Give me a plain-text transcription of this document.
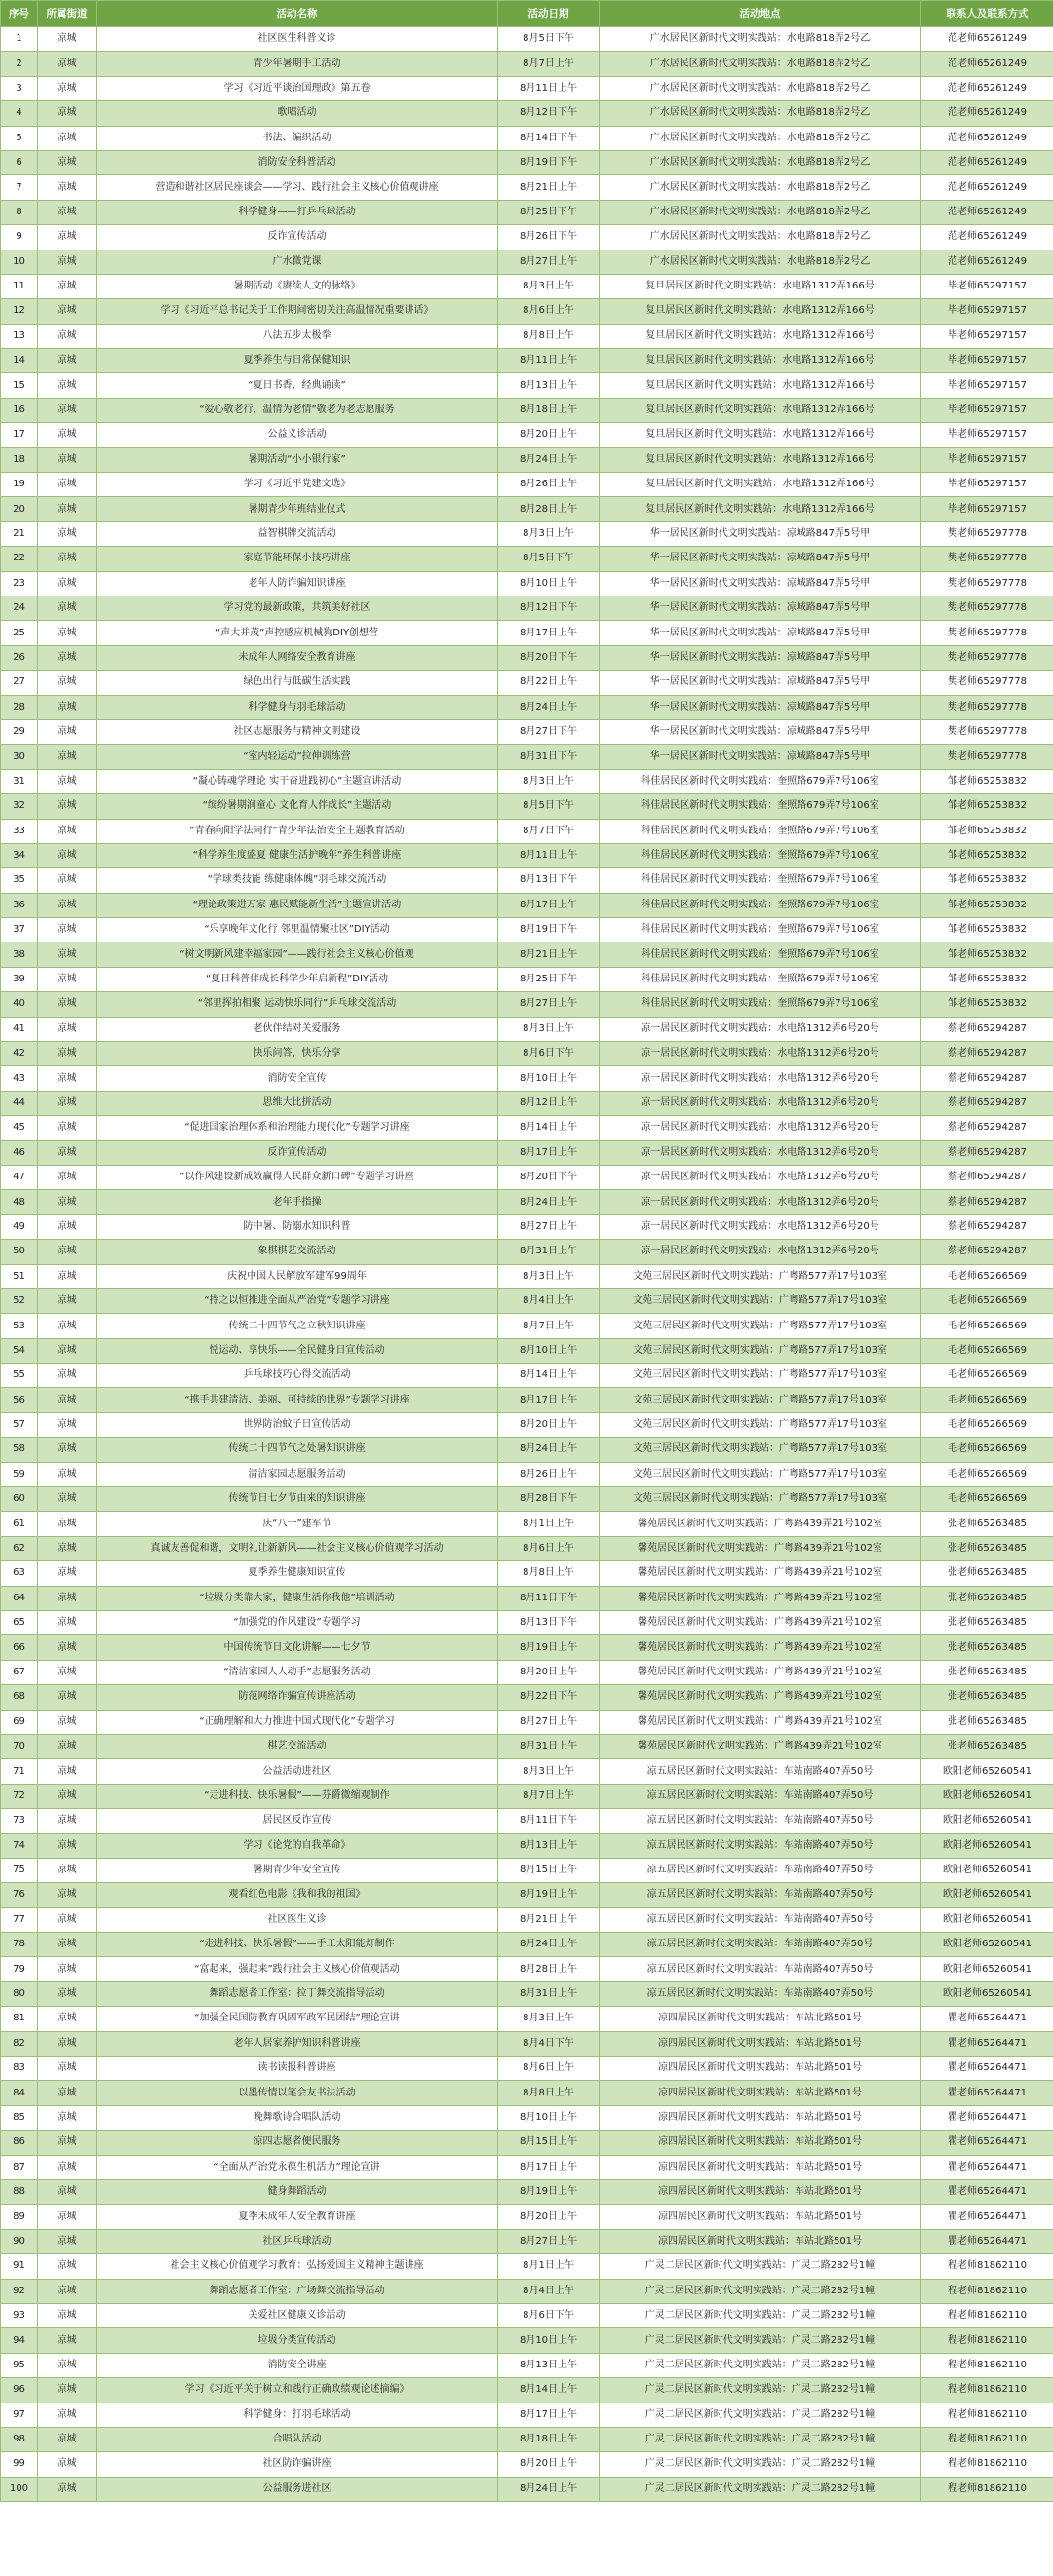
序号	所属街道	活动名称	活动日期	活动地点	联系人及联系方式
1	凉城	社区医生科普义诊	8月5日下午	广水居民区新时代文明实践站：水电路818弄2号乙	范老师65261249
2	凉城	青少年暑期手工活动	8月7日上午	广水居民区新时代文明实践站：水电路818弄2号乙	范老师65261249
3	凉城	学习《习近平谈治国理政》第五卷	8月11日上午	广水居民区新时代文明实践站：水电路818弄2号乙	范老师65261249
4	凉城	歌唱活动	8月12日下午	广水居民区新时代文明实践站：水电路818弄2号乙	范老师65261249
5	凉城	书法、编织活动	8月14日下午	广水居民区新时代文明实践站：水电路818弄2号乙	范老师65261249
6	凉城	消防安全科普活动	8月19日下午	广水居民区新时代文明实践站：水电路818弄2号乙	范老师65261249
7	凉城	营造和谐社区居民座谈会——学习、践行社会主义核心价值观讲座	8月21日上午	广水居民区新时代文明实践站：水电路818弄2号乙	范老师65261249
8	凉城	科学健身——打乒乓球活动	8月25日下午	广水居民区新时代文明实践站：水电路818弄2号乙	范老师65261249
9	凉城	反诈宣传活动	8月26日下午	广水居民区新时代文明实践站：水电路818弄2号乙	范老师65261249
10	凉城	广水微党课	8月27日上午	广水居民区新时代文明实践站：水电路818弄2号乙	范老师65261249
11	凉城	暑期活动《赓续人文的脉络》	8月3日上午	复旦居民区新时代文明实践站：水电路1312弄166号	毕老师65297157
12	凉城	学习《习近平总书记关于工作期间密切关注高温情况重要讲话》	8月6日上午	复旦居民区新时代文明实践站：水电路1312弄166号	毕老师65297157
13	凉城	八法五步太极拳	8月8日上午	复旦居民区新时代文明实践站：水电路1312弄166号	毕老师65297157
14	凉城	夏季养生与日常保健知识	8月11日上午	复旦居民区新时代文明实践站：水电路1312弄166号	毕老师65297157
15	凉城	“夏日书香，经典诵读”	8月13日上午	复旦居民区新时代文明实践站：水电路1312弄166号	毕老师65297157
16	凉城	“爱心敬老行，温情为老情”敬老为老志愿服务	8月18日上午	复旦居民区新时代文明实践站：水电路1312弄166号	毕老师65297157
17	凉城	公益义诊活动	8月20日上午	复旦居民区新时代文明实践站：水电路1312弄166号	毕老师65297157
18	凉城	暑期活动“小小银行家”	8月24日上午	复旦居民区新时代文明实践站：水电路1312弄166号	毕老师65297157
19	凉城	学习《习近平党建文选》	8月26日上午	复旦居民区新时代文明实践站：水电路1312弄166号	毕老师65297157
20	凉城	暑期青少年班结业仪式	8月28日上午	复旦居民区新时代文明实践站：水电路1312弄166号	毕老师65297157
21	凉城	益智棋牌交流活动	8月3日上午	华一居民区新时代文明实践站：凉城路847弄5号甲	樊老师65297778
22	凉城	家庭节能环保小技巧讲座	8月5日下午	华一居民区新时代文明实践站：凉城路847弄5号甲	樊老师65297778
23	凉城	老年人防诈骗知识讲座	8月10日上午	华一居民区新时代文明实践站：凉城路847弄5号甲	樊老师65297778
24	凉城	学习党的最新政策，共筑美好社区	8月12日下午	华一居民区新时代文明实践站：凉城路847弄5号甲	樊老师65297778
25	凉城	“声大并茂”声控感应机械狗DIY创想营	8月17日上午	华一居民区新时代文明实践站：凉城路847弄5号甲	樊老师65297778
26	凉城	未成年人网络安全教育讲座	8月20日下午	华一居民区新时代文明实践站：凉城路847弄5号甲	樊老师65297778
27	凉城	绿色出行与低碳生活实践	8月22日上午	华一居民区新时代文明实践站：凉城路847弄5号甲	樊老师65297778
28	凉城	科学健身与羽毛球活动	8月24日上午	华一居民区新时代文明实践站：凉城路847弄5号甲	樊老师65297778
29	凉城	社区志愿服务与精神文明建设	8月27日下午	华一居民区新时代文明实践站：凉城路847弄5号甲	樊老师65297778
30	凉城	“室内轻运动”拉伸训练营	8月31日下午	华一居民区新时代文明实践站：凉城路847弄5号甲	樊老师65297778
31	凉城	“凝心铸魂学理论 实干奋进践初心”主题宣讲活动	8月3日上午	科佳居民区新时代文明实践站：奎照路679弄7号106室	邹老师65253832
32	凉城	“缤纷暑期润童心 文化育人伴成长”主题活动	8月5日下午	科佳居民区新时代文明实践站：奎照路679弄7号106室	邹老师65253832
33	凉城	“青春向阳学法同行”青少年法治安全主题教育活动	8月7日下午	科佳居民区新时代文明实践站：奎照路679弄7号106室	邹老师65253832
34	凉城	“科学养生度盛夏 健康生活护晚年”养生科普讲座	8月11日上午	科佳居民区新时代文明实践站：奎照路679弄7号106室	邹老师65253832
35	凉城	“学球类技能 练健康体魄”羽毛球交流活动	8月13日下午	科佳居民区新时代文明实践站：奎照路679弄7号106室	邹老师65253832
36	凉城	“理论政策进万家 惠民赋能新生活”主题宣讲活动	8月17日上午	科佳居民区新时代文明实践站：奎照路679弄7号106室	邹老师65253832
37	凉城	“乐享晚年文化行 邻里温情聚社区”DIY活动	8月19日下午	科佳居民区新时代文明实践站：奎照路679弄7号106室	邹老师65253832
38	凉城	“树文明新风建幸福家园”——践行社会主义核心价值观	8月21日上午	科佳居民区新时代文明实践站：奎照路679弄7号106室	邹老师65253832
39	凉城	“夏日科普伴成长科学少年启新程”DIY活动	8月25日下午	科佳居民区新时代文明实践站：奎照路679弄7号106室	邹老师65253832
40	凉城	“邻里挥拍相聚 运动快乐同行”乒乓球交流活动	8月27日上午	科佳居民区新时代文明实践站：奎照路679弄7号106室	邹老师65253832
41	凉城	老伙伴结对关爱服务	8月3日上午	凉一居民区新时代文明实践站：水电路1312弄6号20号	蔡老师65294287
42	凉城	快乐问答，快乐分享	8月6日下午	凉一居民区新时代文明实践站：水电路1312弄6号20号	蔡老师65294287
43	凉城	消防安全宣传	8月10日上午	凉一居民区新时代文明实践站：水电路1312弄6号20号	蔡老师65294287
44	凉城	思维大比拼活动	8月12日上午	凉一居民区新时代文明实践站：水电路1312弄6号20号	蔡老师65294287
45	凉城	“促进国家治理体系和治理能力现代化”专题学习讲座	8月14日上午	凉一居民区新时代文明实践站：水电路1312弄6号20号	蔡老师65294287
46	凉城	反诈宣传活动	8月17日上午	凉一居民区新时代文明实践站：水电路1312弄6号20号	蔡老师65294287
47	凉城	“以作风建设新成效赢得人民群众新口碑”专题学习讲座	8月20日下午	凉一居民区新时代文明实践站：水电路1312弄6号20号	蔡老师65294287
48	凉城	老年手指操	8月24日上午	凉一居民区新时代文明实践站：水电路1312弄6号20号	蔡老师65294287
49	凉城	防中暑、防溺水知识科普	8月27日上午	凉一居民区新时代文明实践站：水电路1312弄6号20号	蔡老师65294287
50	凉城	象棋棋艺交流活动	8月31日上午	凉一居民区新时代文明实践站：水电路1312弄6号20号	蔡老师65294287
51	凉城	庆祝中国人民解放军建军99周年	8月3日上午	文苑三居民区新时代文明实践站：广粤路577弄17号103室	毛老师65266569
52	凉城	“持之以恒推进全面从严治党”专题学习讲座	8月4日上午	文苑三居民区新时代文明实践站：广粤路577弄17号103室	毛老师65266569
53	凉城	传统二十四节气之立秋知识讲座	8月7日上午	文苑三居民区新时代文明实践站：广粤路577弄17号103室	毛老师65266569
54	凉城	悦运动、享快乐——全民健身日宣传活动	8月10日上午	文苑三居民区新时代文明实践站：广粤路577弄17号103室	毛老师65266569
55	凉城	乒乓球技巧心得交流活动	8月14日上午	文苑三居民区新时代文明实践站：广粤路577弄17号103室	毛老师65266569
56	凉城	“携手共建清洁、美丽、可持续的世界”专题学习讲座	8月17日上午	文苑三居民区新时代文明实践站：广粤路577弄17号103室	毛老师65266569
57	凉城	世界防治蚊子日宣传活动	8月20日上午	文苑三居民区新时代文明实践站：广粤路577弄17号103室	毛老师65266569
58	凉城	传统二十四节气之处暑知识讲座	8月24日上午	文苑三居民区新时代文明实践站：广粤路577弄17号103室	毛老师65266569
59	凉城	清洁家园志愿服务活动	8月26日上午	文苑三居民区新时代文明实践站：广粤路577弄17号103室	毛老师65266569
60	凉城	传统节日七夕节由来的知识讲座	8月28日下午	文苑三居民区新时代文明实践站：广粤路577弄17号103室	毛老师65266569
61	凉城	庆“八一”建军节	8月1日上午	馨苑居民区新时代文明实践站：广粤路439弄21号102室	张老师65263485
62	凉城	真诚友善促和谐，文明礼让新新风——社会主义核心价值观学习活动	8月6日上午	馨苑居民区新时代文明实践站：广粤路439弄21号102室	张老师65263485
63	凉城	夏季养生健康知识宣传	8月8日上午	馨苑居民区新时代文明实践站：广粤路439弄21号102室	张老师65263485
64	凉城	“垃圾分类靠大家，健康生活你我他”培训活动	8月11日下午	馨苑居民区新时代文明实践站：广粤路439弄21号102室	张老师65263485
65	凉城	“加强党的作风建设”专题学习	8月13日下午	馨苑居民区新时代文明实践站：广粤路439弄21号102室	张老师65263485
66	凉城	中国传统节日文化讲解——七夕节	8月19日上午	馨苑居民区新时代文明实践站：广粤路439弄21号102室	张老师65263485
67	凉城	“清洁家园人人动手”志愿服务活动	8月20日上午	馨苑居民区新时代文明实践站：广粤路439弄21号102室	张老师65263485
68	凉城	防范网络诈骗宣传讲座活动	8月22日下午	馨苑居民区新时代文明实践站：广粤路439弄21号102室	张老师65263485
69	凉城	“正确理解和大力推进中国式现代化”专题学习	8月27日上午	馨苑居民区新时代文明实践站：广粤路439弄21号102室	张老师65263485
70	凉城	棋艺交流活动	8月31日上午	馨苑居民区新时代文明实践站：广粤路439弄21号102室	张老师65263485
71	凉城	公益活动进社区	8月3日上午	凉五居民区新时代文明实践站：车站南路407弄50号	欧阳老师65260541
72	凉城	“走进科技、快乐暑假”——芬爵微缩观制作	8月7日上午	凉五居民区新时代文明实践站：车站南路407弄50号	欧阳老师65260541
73	凉城	居民区反诈宣传	8月11日下午	凉五居民区新时代文明实践站：车站南路407弄50号	欧阳老师65260541
74	凉城	学习《论党的自我革命》	8月13日上午	凉五居民区新时代文明实践站：车站南路407弄50号	欧阳老师65260541
75	凉城	暑期青少年安全宣传	8月15日上午	凉五居民区新时代文明实践站：车站南路407弄50号	欧阳老师65260541
76	凉城	观看红色电影《我和我的祖国》	8月19日上午	凉五居民区新时代文明实践站：车站南路407弄50号	欧阳老师65260541
77	凉城	社区医生义诊	8月21日上午	凉五居民区新时代文明实践站：车站南路407弄50号	欧阳老师65260541
78	凉城	“走进科技、快乐暑假”——手工太阳能灯制作	8月24日上午	凉五居民区新时代文明实践站：车站南路407弄50号	欧阳老师65260541
79	凉城	“富起来，强起来”践行社会主义核心价值观活动	8月28日上午	凉五居民区新时代文明实践站：车站南路407弄50号	欧阳老师65260541
80	凉城	舞蹈志愿者工作室：拉丁舞交流指导活动	8月31日上午	凉五居民区新时代文明实践站：车站南路407弄50号	欧阳老师65260541
81	凉城	“加强全民国防教育巩固军政军民团结”理论宣讲	8月3日上午	凉四居民区新时代文明实践站：车站北路501号	瞿老师65264471
82	凉城	老年人居家养护知识科普讲座	8月4日下午	凉四居民区新时代文明实践站：车站北路501号	瞿老师65264471
83	凉城	读书读报科普讲座	8月6日上午	凉四居民区新时代文明实践站：车站北路501号	瞿老师65264471
84	凉城	以墨传情以笔会友书法活动	8月8日上午	凉四居民区新时代文明实践站：车站北路501号	瞿老师65264471
85	凉城	晚舞歌诗合唱队活动	8月10日上午	凉四居民区新时代文明实践站：车站北路501号	瞿老师65264471
86	凉城	凉四志愿者便民服务	8月15日上午	凉四居民区新时代文明实践站：车站北路501号	瞿老师65264471
87	凉城	“全面从严治党永葆生机活力”理论宣讲	8月17日上午	凉四居民区新时代文明实践站：车站北路501号	瞿老师65264471
88	凉城	健身舞蹈活动	8月19日上午	凉四居民区新时代文明实践站：车站北路501号	瞿老师65264471
89	凉城	夏季未成年人安全教育讲座	8月20日上午	凉四居民区新时代文明实践站：车站北路501号	瞿老师65264471
90	凉城	社区乒乓球活动	8月27日上午	凉四居民区新时代文明实践站：车站北路501号	瞿老师65264471
91	凉城	社会主义核心价值观学习教育：弘扬爱国主义精神主题讲座	8月1日上午	广灵二居民区新时代文明实践站：广灵二路282号1幢	程老师81862110
92	凉城	舞蹈志愿者工作室：广场舞交流指导活动	8月4日上午	广灵二居民区新时代文明实践站：广灵二路282号1幢	程老师81862110
93	凉城	关爱社区健康义诊活动	8月6日下午	广灵二居民区新时代文明实践站：广灵二路282号1幢	程老师81862110
94	凉城	垃圾分类宣传活动	8月10日上午	广灵二居民区新时代文明实践站：广灵二路282号1幢	程老师81862110
95	凉城	消防安全讲座	8月13日上午	广灵二居民区新时代文明实践站：广灵二路282号1幢	程老师81862110
96	凉城	学习《习近平关于树立和践行正确政绩观论述摘编》	8月14日上午	广灵二居民区新时代文明实践站：广灵二路282号1幢	程老师81862110
97	凉城	科学健身：打羽毛球活动	8月17日上午	广灵二居民区新时代文明实践站：广灵二路282号1幢	程老师81862110
98	凉城	合唱队活动	8月18日上午	广灵二居民区新时代文明实践站：广灵二路282号1幢	程老师81862110
99	凉城	社区防诈骗讲座	8月20日上午	广灵二居民区新时代文明实践站：广灵二路282号1幢	程老师81862110
100	凉城	公益服务进社区	8月24日上午	广灵二居民区新时代文明实践站：广灵二路282号1幢	程老师81862110
